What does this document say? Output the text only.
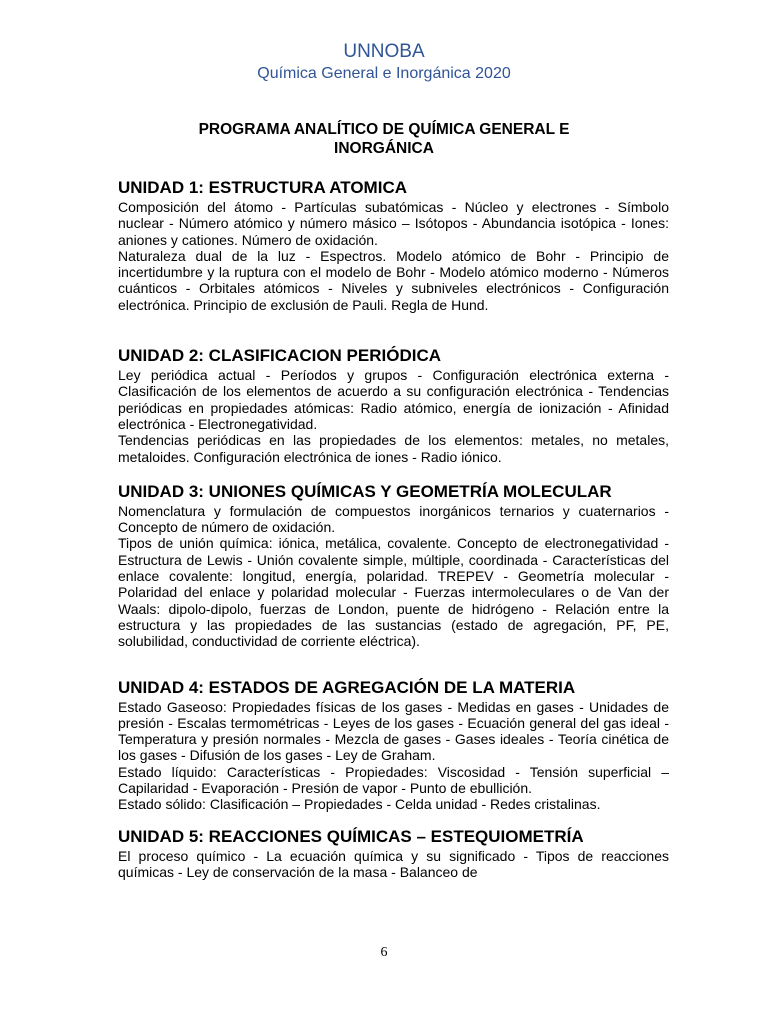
UNNOBA
Química General e Inorgánica 2020
PROGRAMA ANALÍTICO DE QUÍMICA GENERAL E
INORGÁNICA
UNIDAD 1: ESTRUCTURA ATOMICA

Composición del átomo - Partículas subatómicas - Núcleo y electrones - Símbolo nuclear - Número atómico y número másico – Isótopos - Abundancia isotópica - Iones: aniones y cationes. Número de oxidación.

Naturaleza dual de la luz - Espectros. Modelo atómico de Bohr - Principio de incertidumbre y la ruptura con el modelo de Bohr - Modelo atómico moderno - Números cuánticos - Orbitales atómicos - Niveles y subniveles electrónicos - Configuración electrónica. Principio de exclusión de Pauli. Regla de Hund.

UNIDAD 2: CLASIFICACION PERIÓDICA

Ley periódica actual - Períodos y grupos - Configuración electrónica externa - Clasificación de los elementos de acuerdo a su configuración electrónica - Tendencias periódicas en propiedades atómicas: Radio atómico, energía de ionización - Afinidad electrónica - Electronegatividad.

Tendencias periódicas en las propiedades de los elementos: metales, no metales, metaloides. Configuración electrónica de iones - Radio iónico.

UNIDAD 3: UNIONES QUÍMICAS Y GEOMETRÍA MOLECULAR

Nomenclatura y formulación de compuestos inorgánicos ternarios y cuaternarios - Concepto de número de oxidación.

Tipos de unión química: iónica, metálica, covalente. Concepto de electronegatividad - Estructura de Lewis - Unión covalente simple, múltiple, coordinada - Características del enlace covalente: longitud, energía, polaridad. TREPEV - Geometría molecular - Polaridad del enlace y polaridad molecular - Fuerzas intermoleculares o de Van der Waals: dipolo-dipolo, fuerzas de London, puente de hidrógeno - Relación entre la estructura y las propiedades de las sustancias (estado de agregación, PF, PE, solubilidad, conductividad de corriente eléctrica).

UNIDAD 4: ESTADOS DE AGREGACIÓN DE LA MATERIA

Estado Gaseoso: Propiedades físicas de los gases - Medidas en gases - Unidades de presión - Escalas termométricas - Leyes de los gases - Ecuación general del gas ideal - Temperatura y presión normales - Mezcla de gases - Gases ideales - Teoría cinética de los gases - Difusión de los gases - Ley de Graham.

Estado líquido: Características - Propiedades: Viscosidad - Tensión superficial – Capilaridad - Evaporación - Presión de vapor - Punto de ebullición.

Estado sólido: Clasificación – Propiedades - Celda unidad - Redes cristalinas.

UNIDAD 5: REACCIONES QUÍMICAS – ESTEQUIOMETRÍA

El proceso químico - La ecuación química y su significado - Tipos de reacciones químicas - Ley de conservación de la masa - Balanceo de

6
